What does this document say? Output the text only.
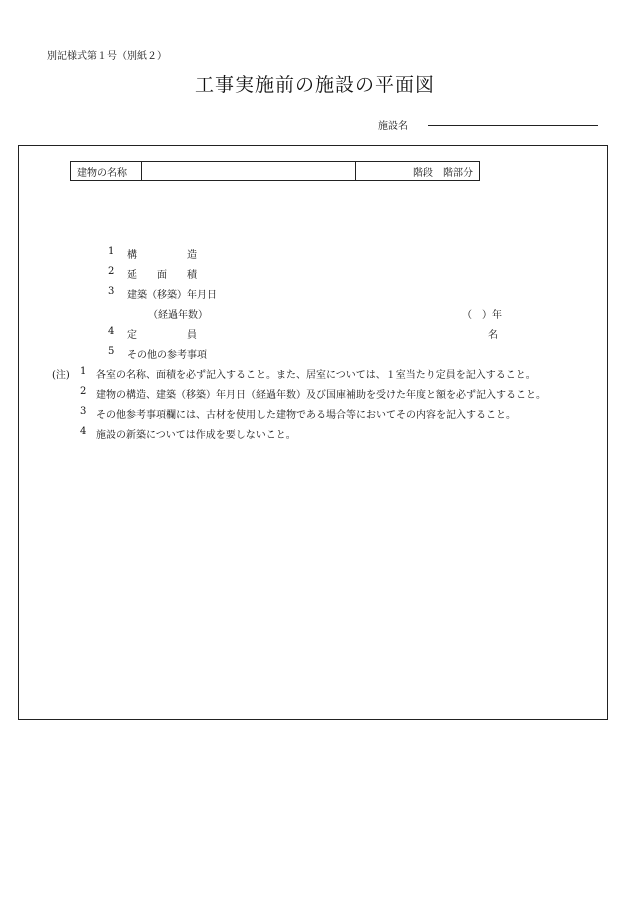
別記様式第１号（別紙２）
工事実施前の施設の平面図
施設名
建物の名称	階段　階部分
1 構　　　　　造
2 延　　面　　積
3 建築（移築）年月日
（経過年数）	（　）年
4 定　　　　　員	名
5 その他の参考事項
(注) 1 各室の名称、面積を必ず記入すること。また、居室については、１室当たり定員を記入すること。
2 建物の構造、建築（移築）年月日（経過年数）及び国庫補助を受けた年度と額を必ず記入すること。
3 その他参考事項欄には、古材を使用した建物である場合等においてその内容を記入すること。
4 施設の新築については作成を要しないこと。
